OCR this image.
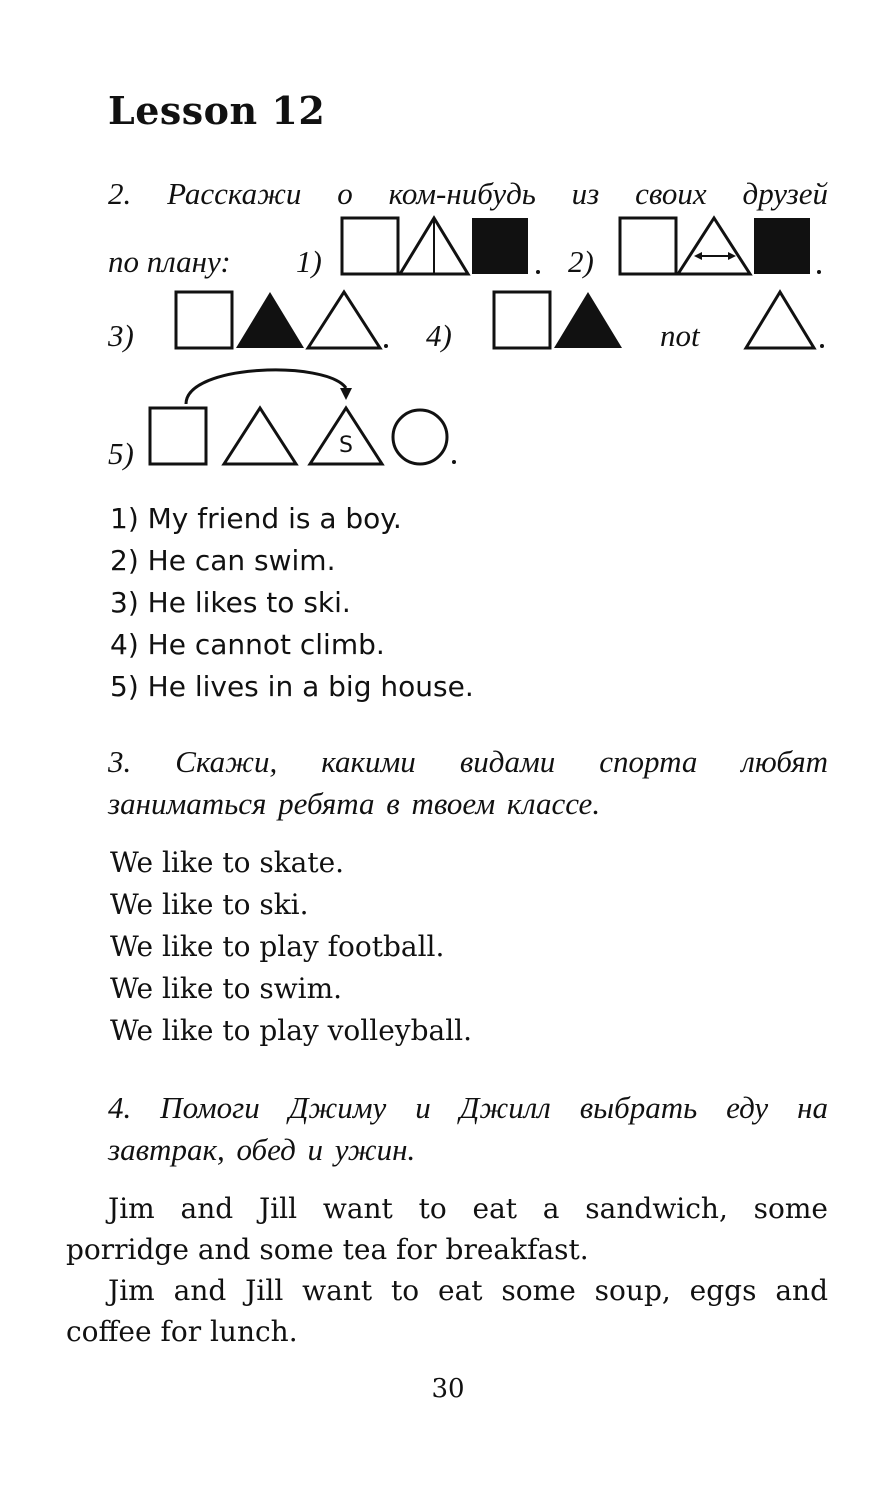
Lesson 12
2. Расскажи о ком-нибудь из своих друзей
по плану: 1)	2)
3)	4)	not
5)	S
1) My friend is a boy.
2) He can swim.
3) He likes to ski.
4) He cannot climb.
5) He lives in a big house.
3. Скажи, какими видами спорта любят
заниматься ребята в твоем классе.
We like to skate.
We like to ski.
We like to play football.
We like to swim.
We like to play volleyball.
4. Помоги Джиму и Джилл выбрать еду на
завтрак, обед и ужин.
Jim and Jill want to eat a sandwich, some
porridge and some tea for breakfast.
Jim and Jill want to eat some soup, eggs and
coffee for lunch.
30
